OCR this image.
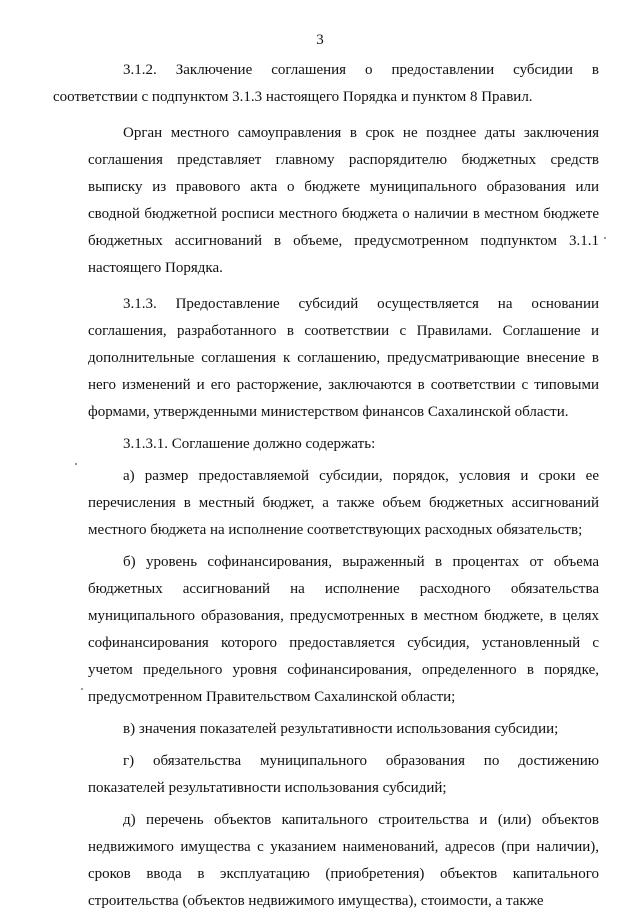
3

3.1.2. Заключение соглашения о предоставлении субсидии в
соответствии с подпунктом 3.1.3 настоящего Порядка и пунктом 8 Правил.

Орган местного самоуправления в срок не позднее даты заключения соглашения представляет главному распорядителю бюджетных средств выписку из правового акта о бюджете муниципального образования или сводной бюджетной росписи местного бюджета о наличии в местном бюджете бюджетных ассигнований в объеме, предусмотренном подпунктом 3.1.1 настоящего Порядка.

3.1.3. Предоставление субсидий осуществляется на основании соглашения, разработанного в соответствии с Правилами. Соглашение и дополнительные соглашения к соглашению, предусматривающие внесение в него изменений и его расторжение, заключаются в соответствии с типовыми формами, утвержденными министерством финансов Сахалинской области.

3.1.3.1. Соглашение должно содержать:

а) размер предоставляемой субсидии, порядок, условия и сроки ее перечисления в местный бюджет, а также объем бюджетных ассигнований местного бюджета на исполнение соответствующих расходных обязательств;

б) уровень софинансирования, выраженный в процентах от объема бюджетных ассигнований на исполнение расходного обязательства муниципального образования, предусмотренных в местном бюджете, в целях софинансирования которого предоставляется субсидия, установленный с учетом предельного уровня софинансирования, определенного в порядке, предусмотренном Правительством Сахалинской области;

в) значения показателей результативности использования субсидии;

г) обязательства муниципального образования по достижению показателей результативности использования субсидий;

д) перечень объектов капитального строительства и (или) объектов недвижимого имущества с указанием наименований, адресов (при наличии), сроков ввода в эксплуатацию (приобретения) объектов капитального строительства (объектов недвижимого имущества), стоимости, а также
